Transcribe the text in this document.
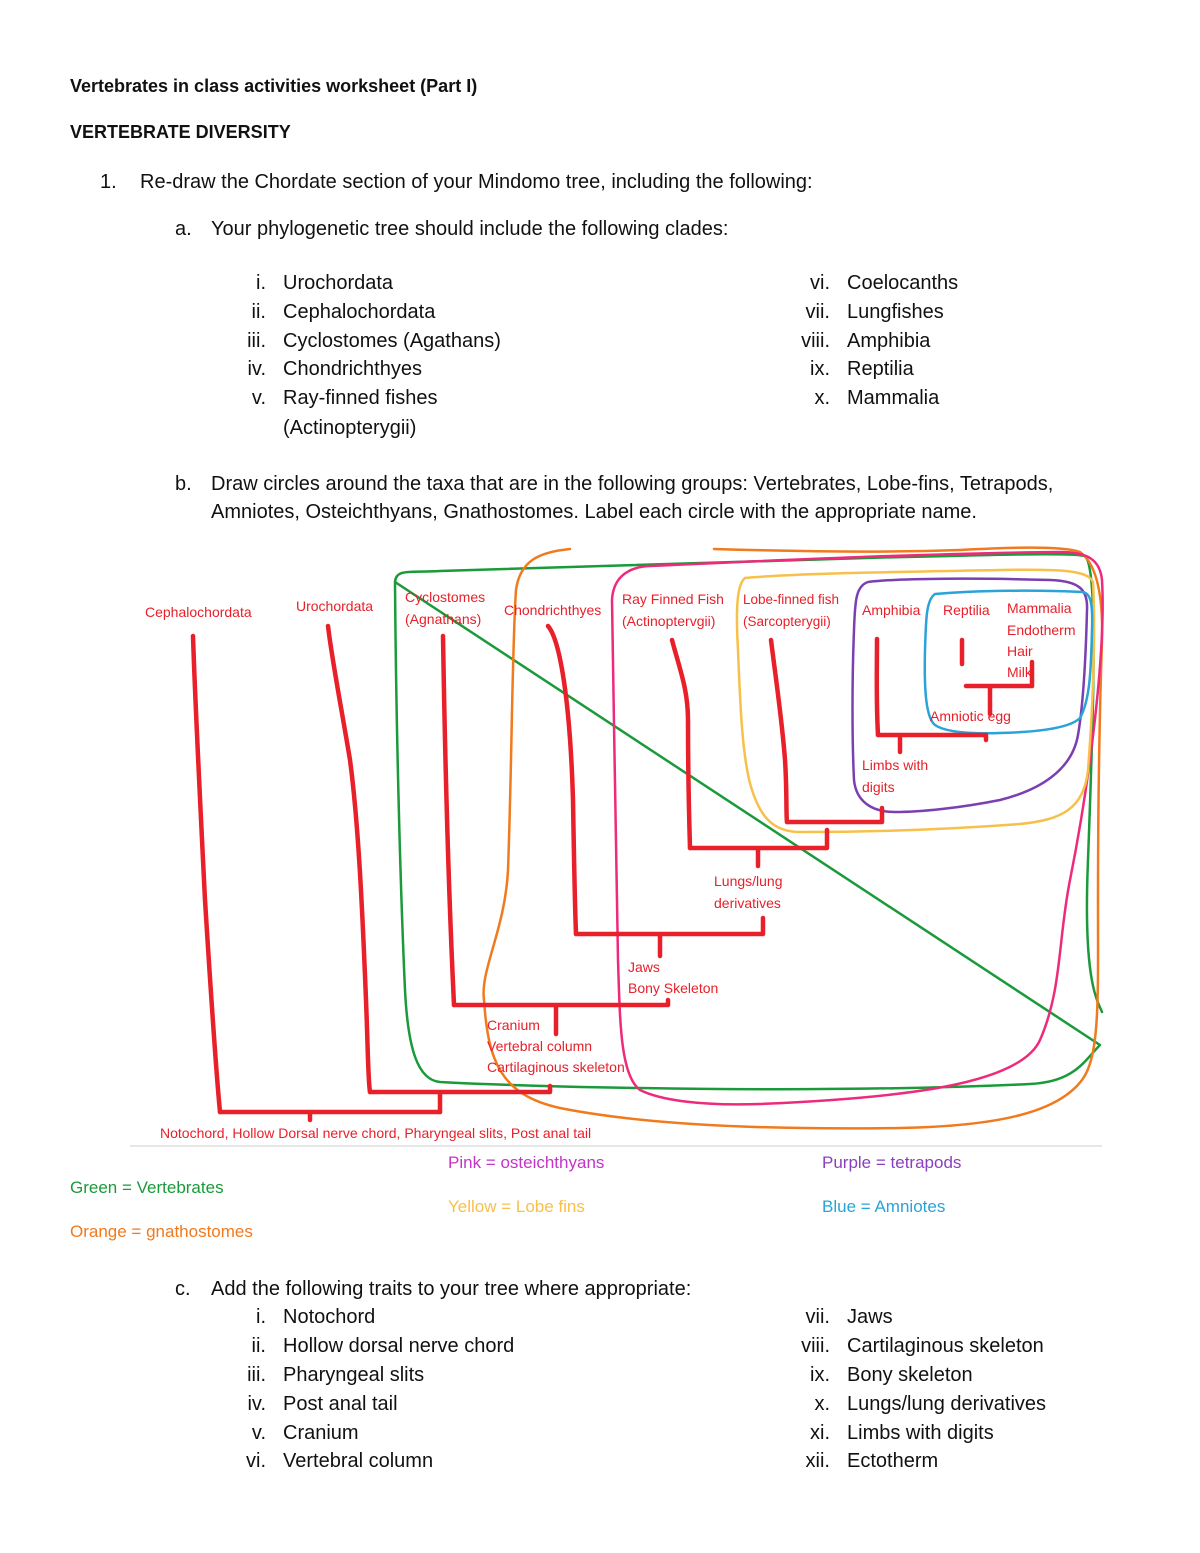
Vertebrates in class activities worksheet (Part I)
VERTEBRATE DIVERSITY
1. Re-draw the Chordate section of your Mindomo tree, including the following:
a. Your phylogenetic tree should include the following clades:
i. Urochordata
ii. Cephalochordata
iii. Cyclostomes (Agathans)
iv. Chondrichthyes
v. Ray-finned fishes
(Actinopterygii)
vi. Coelocanths
vii. Lungfishes
viii. Amphibia
ix. Reptilia
x. Mammalia
b. Draw circles around the taxa that are in the following groups: Vertebrates, Lobe-fins, Tetrapods,
Amniotes, Osteichthyans, Gnathostomes. Label each circle with the appropriate name.
Cephalochordata	Urochordata
Cyclostomes
(Agnathans)
Chondrichthyes
Ray Finned Fish
(Actinoptervgii)
Lobe-finned fish
(Sarcopterygii)
Amphibia Reptilia Mammalia
Endotherm
Hair
Milk
Amniotic egg
Limbs with
digits
Lungs/lung
derivatives
Jaws
Bony Skeleton
Cranium
Vertebral column
Cartilaginous skeleton
Notochord, Hollow Dorsal nerve chord, Pharyngeal slits, Post anal tail
Pink = osteichthyans	Purple = tetrapods
Green = Vertebrates
Yellow = Lobe fins	Blue = Amniotes
Orange = gnathostomes
c. Add the following traits to your tree where appropriate:
i. Notochord
ii. Hollow dorsal nerve chord
iii. Pharyngeal slits
iv. Post anal tail
v. Cranium
vi. Vertebral column
vii. Jaws
viii. Cartilaginous skeleton
ix. Bony skeleton
x. Lungs/lung derivatives
xi. Limbs with digits
xii. Ectotherm
